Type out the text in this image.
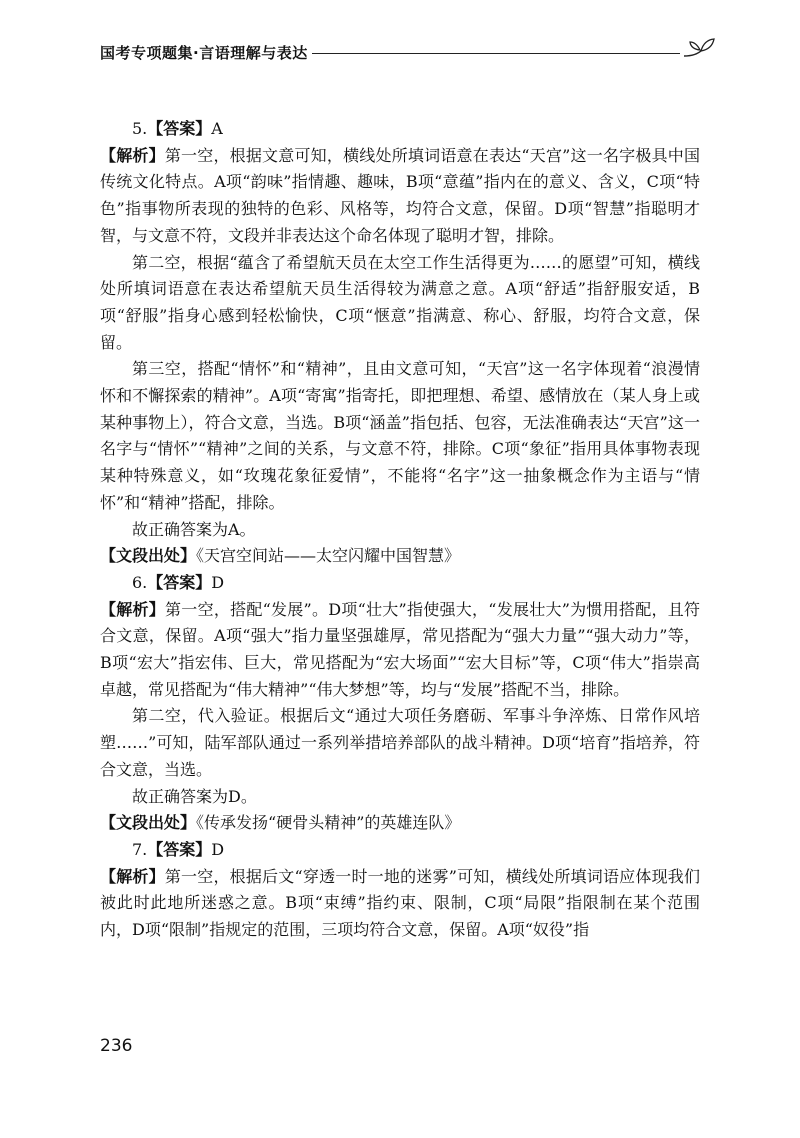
国考专项题集·言语理解与表达

5.【答案】A

【解析】第一空，根据文意可知，横线处所填词语意在表达“天宫”这一名字极具中国传统文化特点。A项“韵味”指情趣、趣味，B项“意蕴”指内在的意义、含义，C项“特色”指事物所表现的独特的色彩、风格等，均符合文意，保留。D项“智慧”指聪明才智，与文意不符，文段并非表达这个命名体现了聪明才智，排除。

第二空，根据“蕴含了希望航天员在太空工作生活得更为……的愿望”可知，横线处所填词语意在表达希望航天员生活得较为满意之意。A项“舒适”指舒服安适，B项“舒服”指身心感到轻松愉快，C项“惬意”指满意、称心、舒服，均符合文意，保留。

第三空，搭配“情怀”和“精神”，且由文意可知，“天宫”这一名字体现着“浪漫情怀和不懈探索的精神”。A项“寄寓”指寄托，即把理想、希望、感情放在（某人身上或某种事物上），符合文意，当选。B项“涵盖”指包括、包容，无法准确表达“天宫”这一名字与“情怀”“精神”之间的关系，与文意不符，排除。C项“象征”指用具体事物表现某种特殊意义，如“玫瑰花象征爱情”，不能将“名字”这一抽象概念作为主语与“情怀”和“精神”搭配，排除。

故正确答案为A。

【文段出处】《天宫空间站——太空闪耀中国智慧》

6.【答案】D

【解析】第一空，搭配“发展”。D项“壮大”指使强大，“发展壮大”为惯用搭配，且符合文意，保留。A项“强大”指力量坚强雄厚，常见搭配为“强大力量”“强大动力”等，B项“宏大”指宏伟、巨大，常见搭配为“宏大场面”“宏大目标”等，C项“伟大”指崇高卓越，常见搭配为“伟大精神”“伟大梦想”等，均与“发展”搭配不当，排除。

第二空，代入验证。根据后文“通过大项任务磨砺、军事斗争淬炼、日常作风培塑……”可知，陆军部队通过一系列举措培养部队的战斗精神。D项“培育”指培养，符合文意，当选。

故正确答案为D。

【文段出处】《传承发扬“硬骨头精神”的英雄连队》

7.【答案】D

【解析】第一空，根据后文“穿透一时一地的迷雾”可知，横线处所填词语应体现我们被此时此地所迷惑之意。B项“束缚”指约束、限制，C项“局限”指限制在某个范围内，D项“限制”指规定的范围，三项均符合文意，保留。A项“奴役”指

236
